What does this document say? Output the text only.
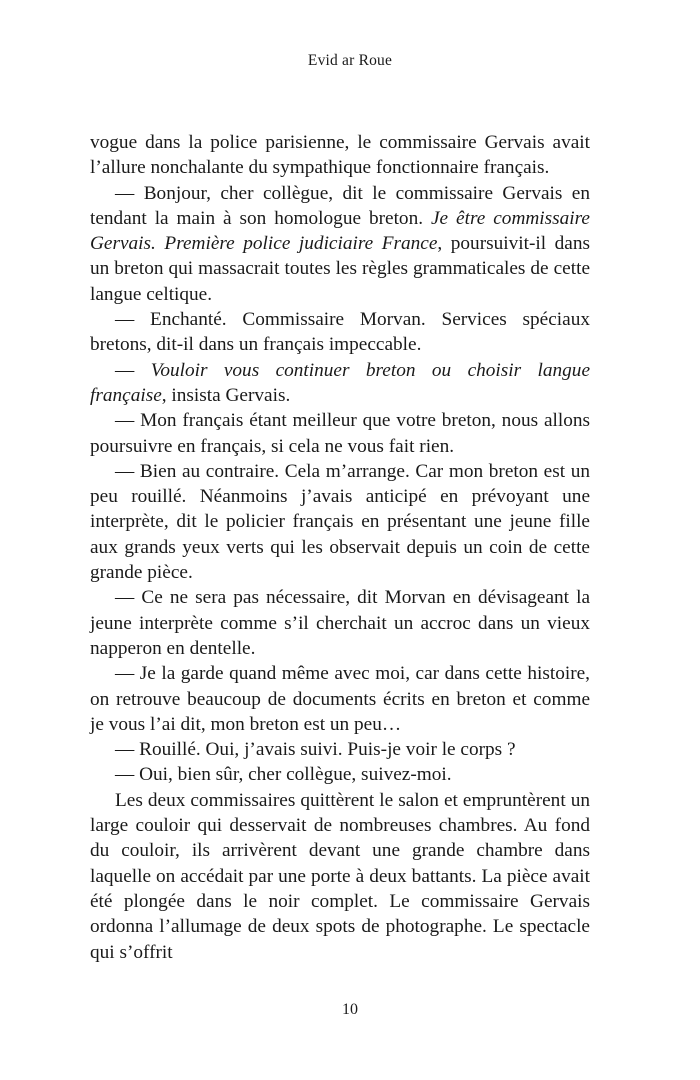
Evid ar Roue

vogue dans la police parisienne, le commissaire Gervais avait l’allure nonchalante du sympathique fonctionnaire français.

— Bonjour, cher collègue, dit le commissaire Gervais en tendant la main à son homologue breton. Je être commissaire Gervais. Première police judiciaire France, poursuivit-il dans un breton qui massacrait toutes les règles grammaticales de cette langue celtique.

— Enchanté. Commissaire Morvan. Services spéciaux bretons, dit-il dans un français impeccable.

— Vouloir vous continuer breton ou choisir langue française, insista Gervais.

— Mon français étant meilleur que votre breton, nous allons poursuivre en français, si cela ne vous fait rien.

— Bien au contraire. Cela m’arrange. Car mon breton est un peu rouillé. Néanmoins j’avais anticipé en prévoyant une interprète, dit le policier français en présentant une jeune fille aux grands yeux verts qui les observait depuis un coin de cette grande pièce.

— Ce ne sera pas nécessaire, dit Morvan en dévisageant la jeune interprète comme s’il cherchait un accroc dans un vieux napperon en dentelle.

— Je la garde quand même avec moi, car dans cette histoire, on retrouve beaucoup de documents écrits en breton et comme je vous l’ai dit, mon breton est un peu…

— Rouillé. Oui, j’avais suivi. Puis-je voir le corps ?

— Oui, bien sûr, cher collègue, suivez-moi.

Les deux commissaires quittèrent le salon et empruntèrent un large couloir qui desservait de nombreuses chambres. Au fond du couloir, ils arrivèrent devant une grande chambre dans laquelle on accédait par une porte à deux battants. La pièce avait été plongée dans le noir complet. Le commissaire Gervais ordonna l’allumage de deux spots de photographe. Le spectacle qui s’offrit

10
